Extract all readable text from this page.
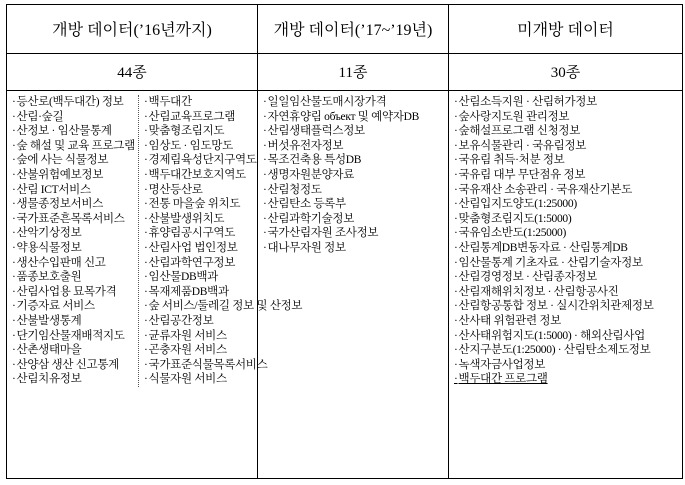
개방 데이터(’16년까지)	개방 데이터(’17~’19년)	미개방 데이터
44종	11종	30종

· 등산로(백두대간) 정보
· 산림·숲길
· 산정보 · 임산물통계
· 숲 해설 및 교육 프로그램
· 숲에 사는 식물정보
· 산불위험예보정보
· 산림 ICT서비스
· 생물종정보서비스
· 국가표준흔목록서비스
· 산악기상정보
· 약용식물정보
· 생산수입판매 신고
· 품종보호출원
· 산림사업용 묘목가격
· 기증자료 서비스
· 산불발생통계
· 단기임산물재배적지도
· 산촌생태마을
· 산양삼 생산 신고통계
· 산림치유정보
· 백두대간
· 산림교육프로그램
· 맞춤형조림지도
· 임상도 · 임도망도
· 경제림육성단지구역도
· 백두대간보호지역도
· 명산등산로
· 전통 마을숲 위치도
· 산불발생위치도
· 휴양림공시구역도
· 산림사업 법인정보
· 산림과학연구정보
· 임산물DB백과
· 목재제품DB백과
· 숲 서비스/둘레길 정보 및 산정보
· 산림공간정보
· 균류자원 서비스
· 곤충자원 서비스
· 국가표준식물목록서비스
· 식물자원 서비스

· 일일임산물도매시장가격
· 자연휴양림 объект 및 예약자DB
· 산림생태플럭스정보
· 버섯유전자정보
· 목조건축용 특성DB
· 생명자원분양자료
· 산림청정도
· 산림탄소 등록부
· 산림과학기술정보
· 국가산림자원 조사정보
· 대나무자원 정보

· 산림소득지원 · 산림허가정보
· 숲사랑지도원 관리정보
· 숲해설프로그램 신청정보
· 보유식물관리 · 국유림정보
· 국유림 취득·처분 정보
· 국유림 대부 무단점유 정보
· 국유재산 소송관리 · 국유재산기본도
· 산림입지도양도(1:25000)
· 맞춤형조림지도(1:5000)
· 국유임소반도(1:25000)
· 산림통계DB변동자료 · 산림통계DB
· 임산물통계 기초자료 · 산림기술자정보
· 산림경영정보 · 산림종자정보
· 산림재해위치정보 · 산림항공사진
· 산림항공통합 정보 · 실시간위치관제정보
· 산사태 위험관련 정보
· 산사태위험지도(1:5000) · 해외산림사업
· 산지구분도(1:25000) · 산림탄소제도정보
· 녹색자금사업정보
· 백두대간 프로그램
